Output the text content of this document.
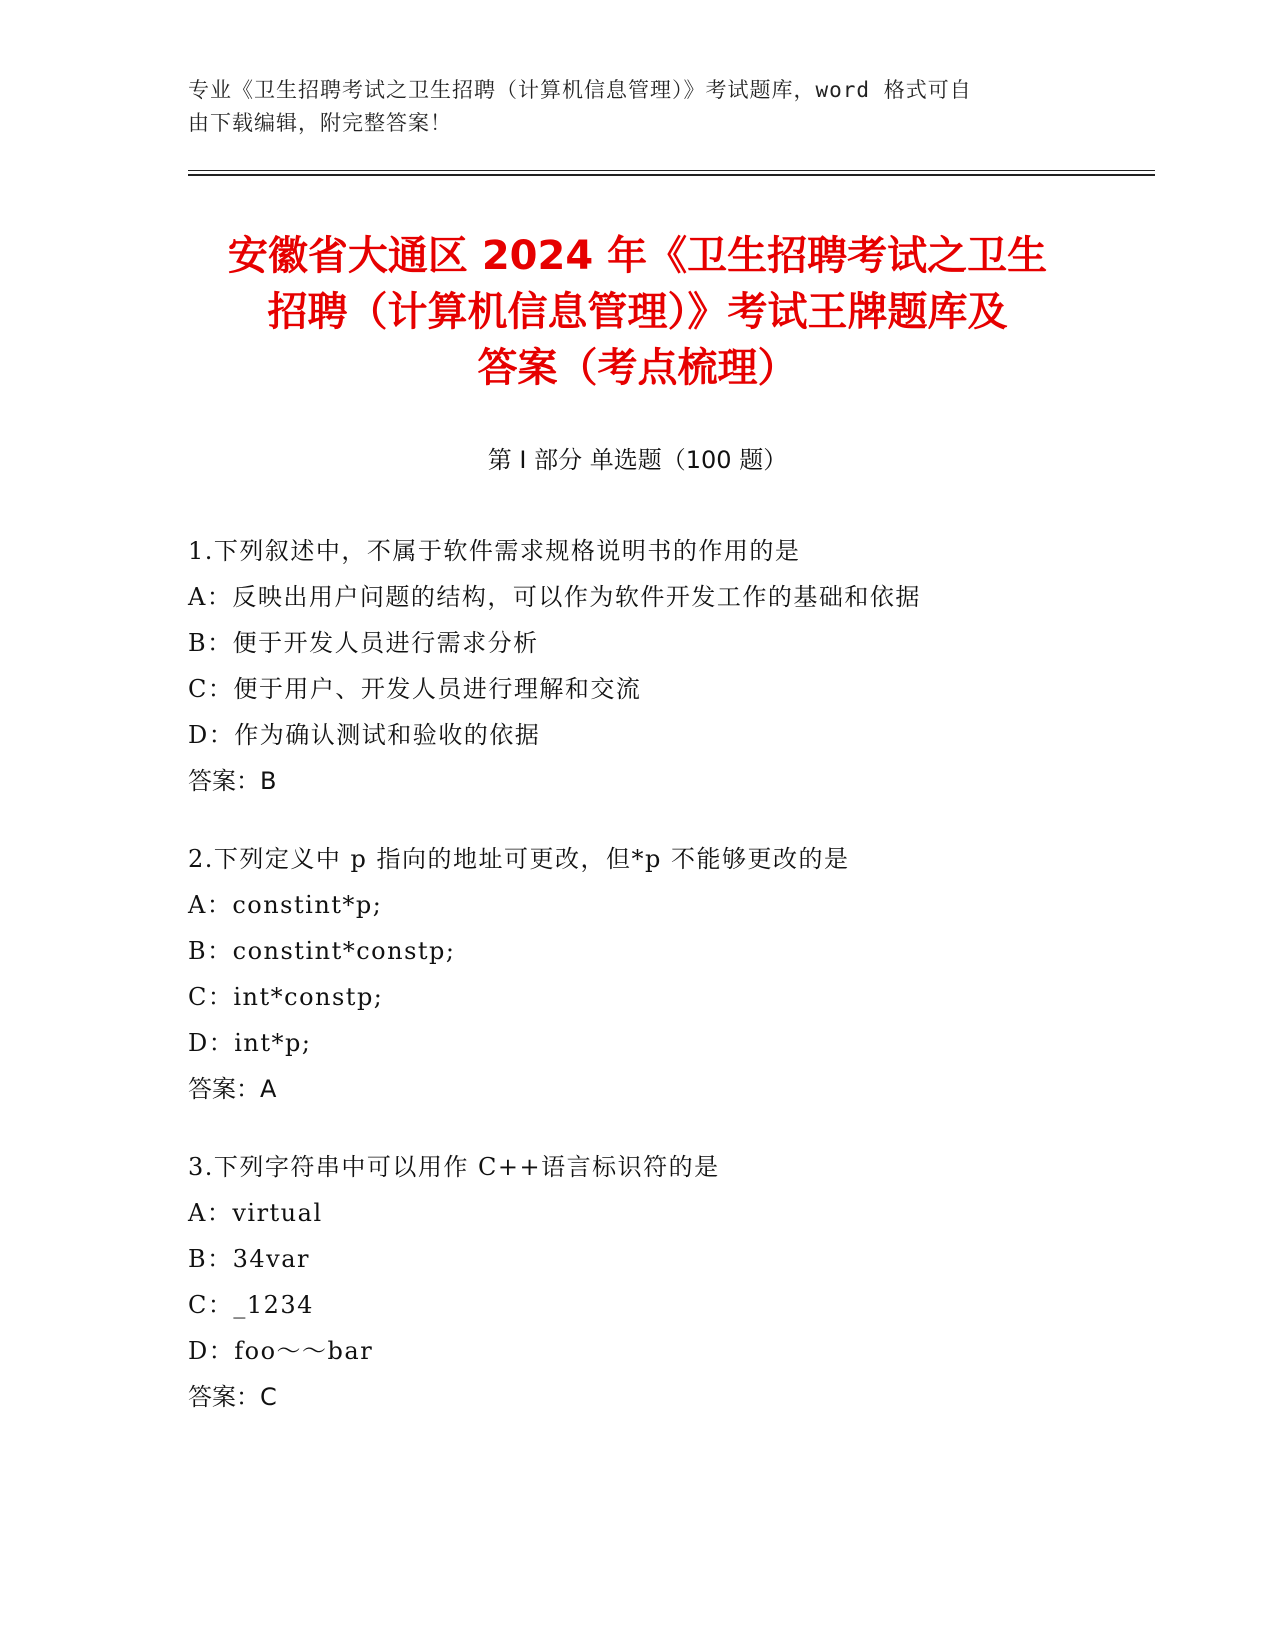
专业《卫生招聘考试之卫生招聘（计算机信息管理）》考试题库，word 格式可自
由下载编辑，附完整答案！
安徽省大通区 2024 年《卫生招聘考试之卫生
招聘（计算机信息管理）》考试王牌题库及
答案（考点梳理）
第 I 部分 单选题（100 题）
1.下列叙述中，不属于软件需求规格说明书的作用的是
A：反映出用户问题的结构，可以作为软件开发工作的基础和依据
B：便于开发人员进行需求分析
C：便于用户、开发人员进行理解和交流
D：作为确认测试和验收的依据
答案：B
2.下列定义中 p 指向的地址可更改，但*p 不能够更改的是
A：constint*p;
B：constint*constp;
C：int*constp;
D：int*p;
答案：A
3.下列字符串中可以用作 C++语言标识符的是
A：virtual
B：34var
C：_1234
D：foo～～bar
答案：C
